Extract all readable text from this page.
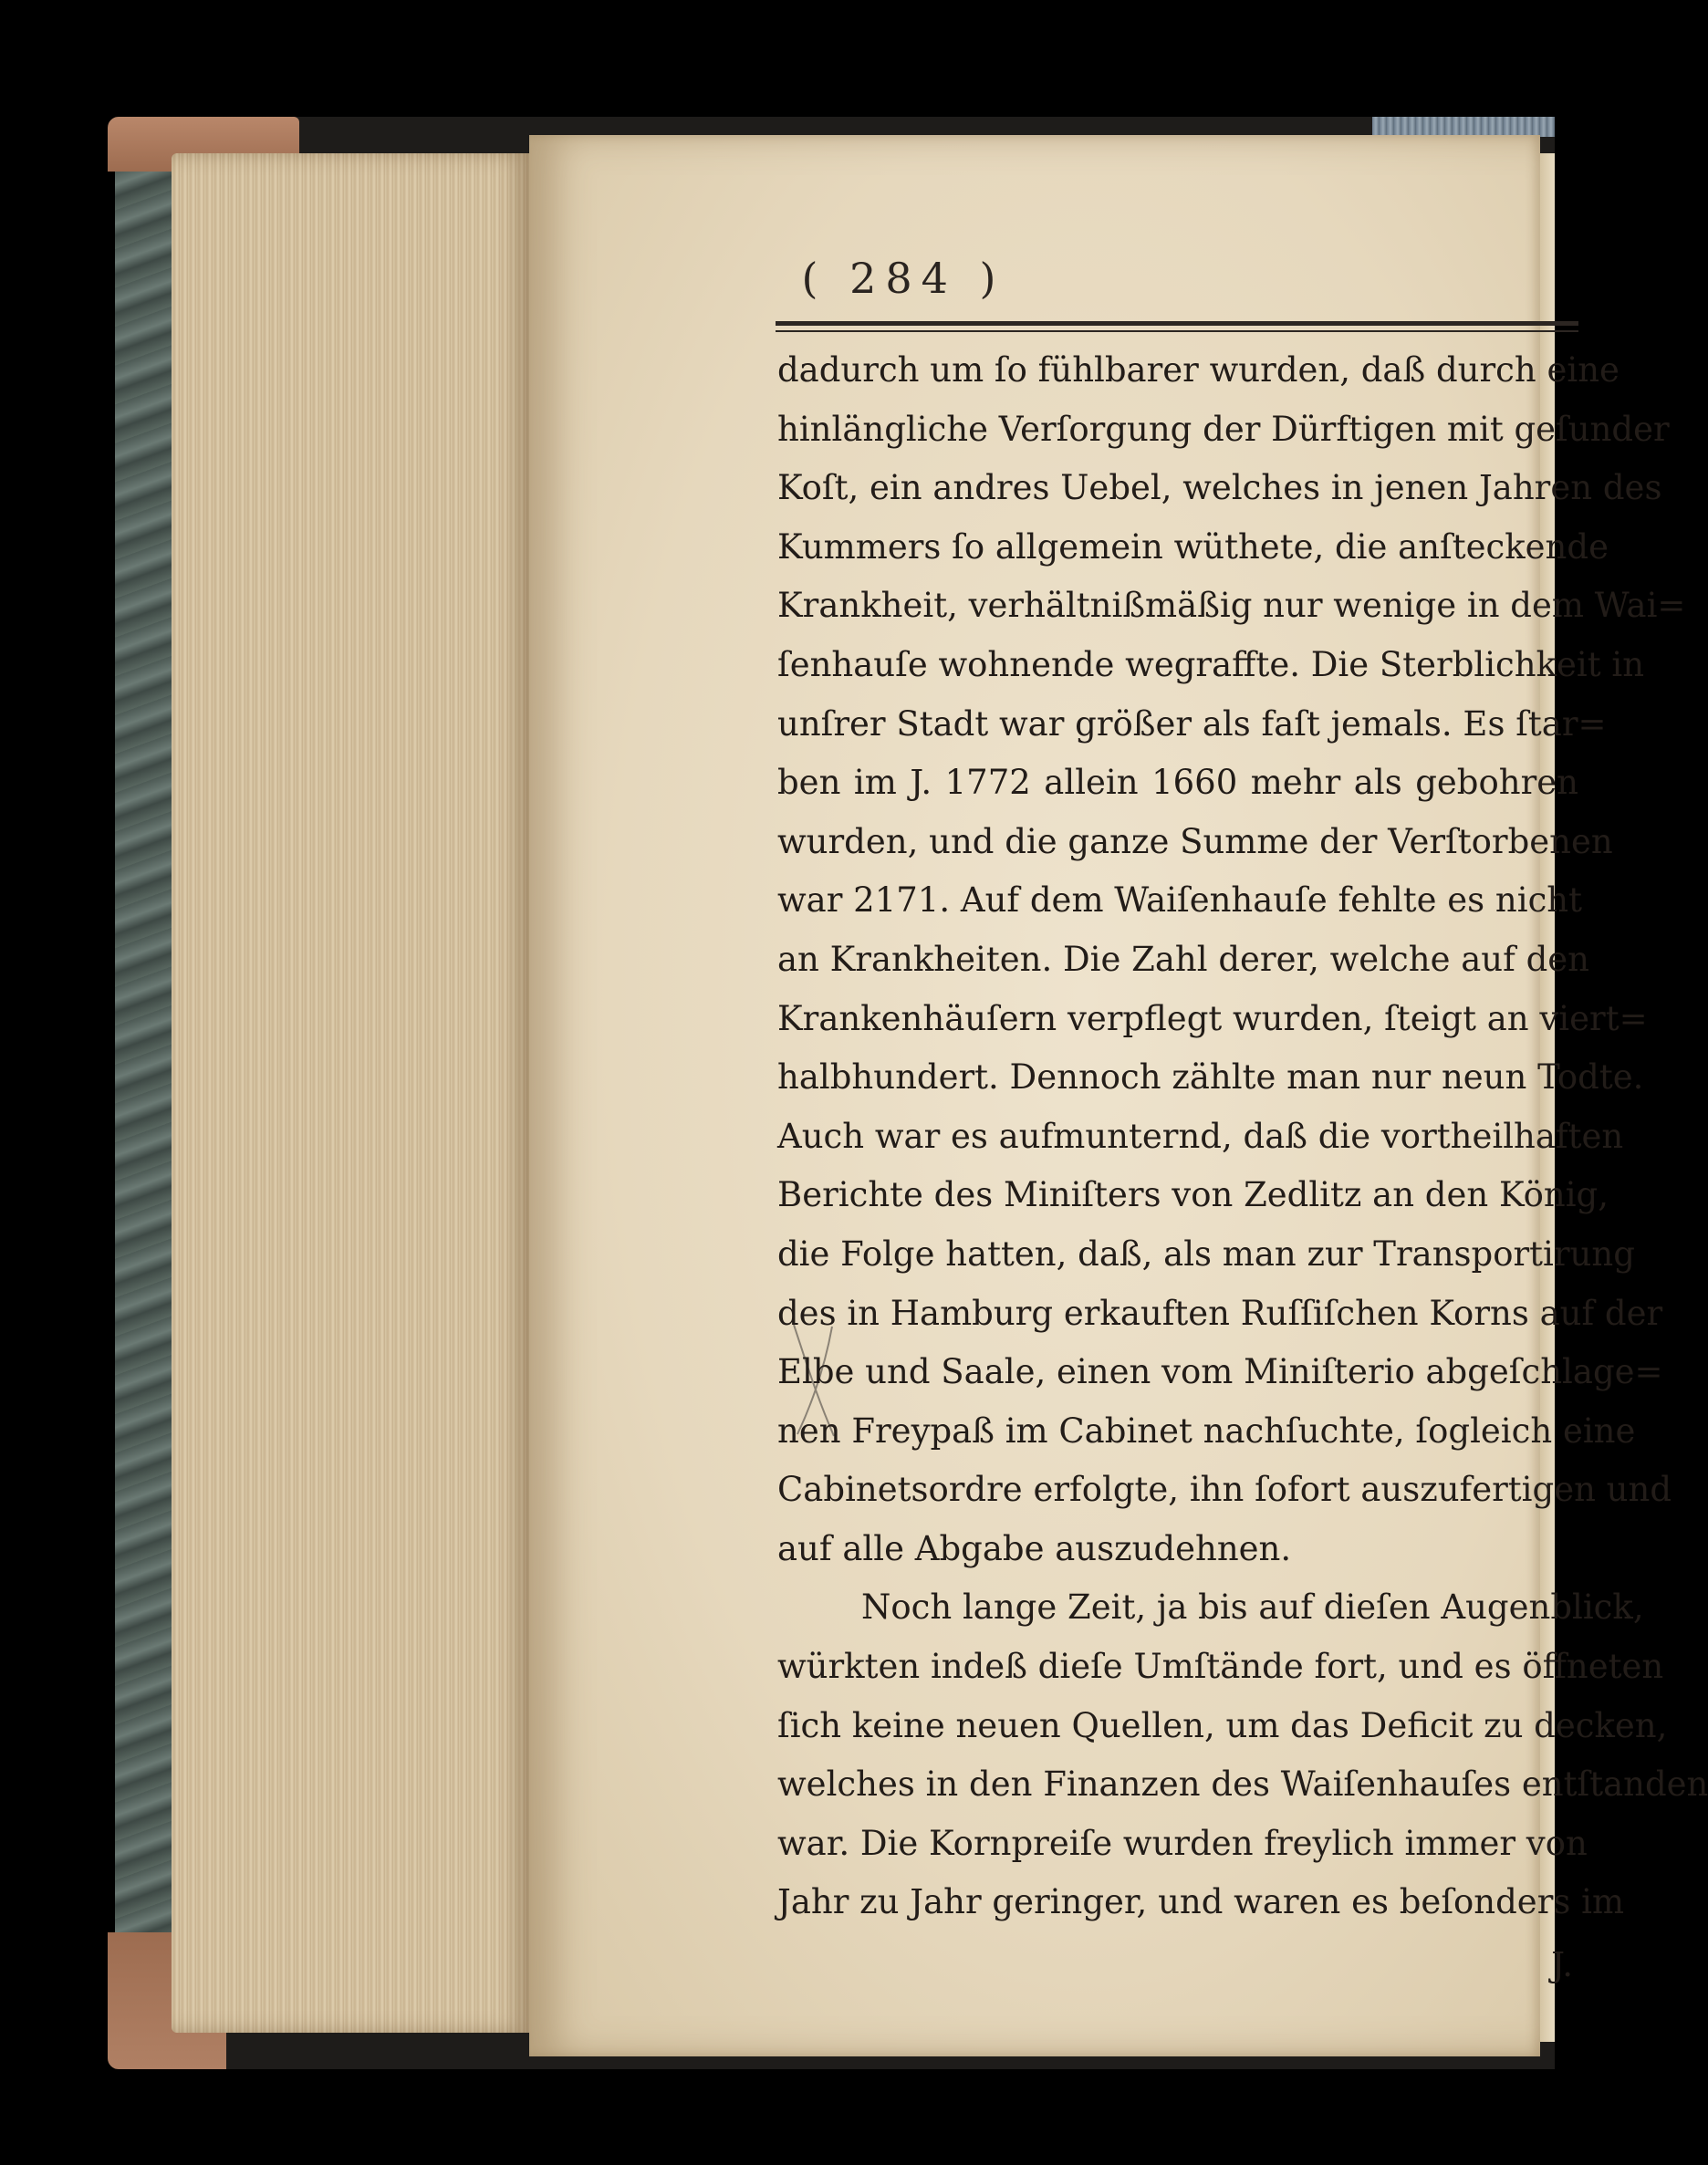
( 284 )
dadurch um ſo fühlbarer wurden, daß durch eine
hinlängliche Verſorgung der Dürftigen mit geſunder
Koſt, ein andres Uebel, welches in jenen Jahren des
Kummers ſo allgemein wüthete, die anſteckende
Krankheit, verhältnißmäßig nur wenige in dem Wai=
ſenhauſe wohnende wegraffte. Die Sterblichkeit in
unſrer Stadt war größer als faſt jemals. Es ſtar=
ben im J. 1772 allein 1660 mehr als gebohren
wurden, und die ganze Summe der Verſtorbenen
war 2171. Auf dem Waiſenhauſe fehlte es nicht
an Krankheiten. Die Zahl derer, welche auf den
Krankenhäuſern verpflegt wurden, ſteigt an viert=
halbhundert. Dennoch zählte man nur neun Todte.
Auch war es aufmunternd, daß die vortheilhaften
Berichte des Miniſters von Zedlitz an den König,
die Folge hatten, daß, als man zur Transportirung
des in Hamburg erkauften Ruſſiſchen Korns auf der
Elbe und Saale, einen vom Miniſterio abgeſchlage=
nen Freypaß im Cabinet nachſuchte, ſogleich eine
Cabinetsordre erfolgte, ihn ſofort auszufertigen und
auf alle Abgabe auszudehnen.
Noch lange Zeit, ja bis auf dieſen Augenblick,
würkten indeß dieſe Umſtände fort, und es öffneten
ſich keine neuen Quellen, um das Deficit zu decken,
welches in den Finanzen des Waiſenhauſes entſtanden
war. Die Kornpreiſe wurden freylich immer von
Jahr zu Jahr geringer, und waren es beſonders im
J.
